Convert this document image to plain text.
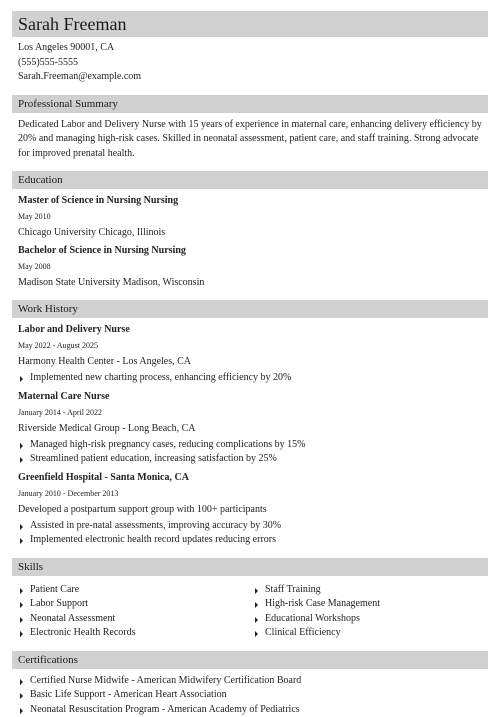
Sarah Freeman
Los Angeles 90001, CA
(555)555-5555
Sarah.Freeman@example.com
Professional Summary
Dedicated Labor and Delivery Nurse with 15 years of experience in maternal care, enhancing delivery efficiency by 20% and managing high-risk cases. Skilled in neonatal assessment, patient care, and staff training. Strong advocate for improved prenatal health.
Education
Master of Science in Nursing Nursing
May 2010
Chicago University Chicago, Illinois
Bachelor of Science in Nursing Nursing
May 2008
Madison State University Madison, Wisconsin
Work History
Labor and Delivery Nurse
May 2022 - August 2025
Harmony Health Center - Los Angeles, CA
Implemented new charting process, enhancing efficiency by 20%
Maternal Care Nurse
January 2014 - April 2022
Riverside Medical Group - Long Beach, CA
Managed high-risk pregnancy cases, reducing complications by 15%
Streamlined patient education, increasing satisfaction by 25%
Greenfield Hospital - Santa Monica, CA
January 2010 - December 2013
Developed a postpartum support group with 100+ participants
Assisted in pre-natal assessments, improving accuracy by 30%
Implemented electronic health record updates reducing errors
Skills
Patient Care
Labor Support
Neonatal Assessment
Electronic Health Records
Staff Training
High-risk Case Management
Educational Workshops
Clinical Efficiency
Certifications
Certified Nurse Midwife - American Midwifery Certification Board
Basic Life Support - American Heart Association
Neonatal Resuscitation Program - American Academy of Pediatrics
